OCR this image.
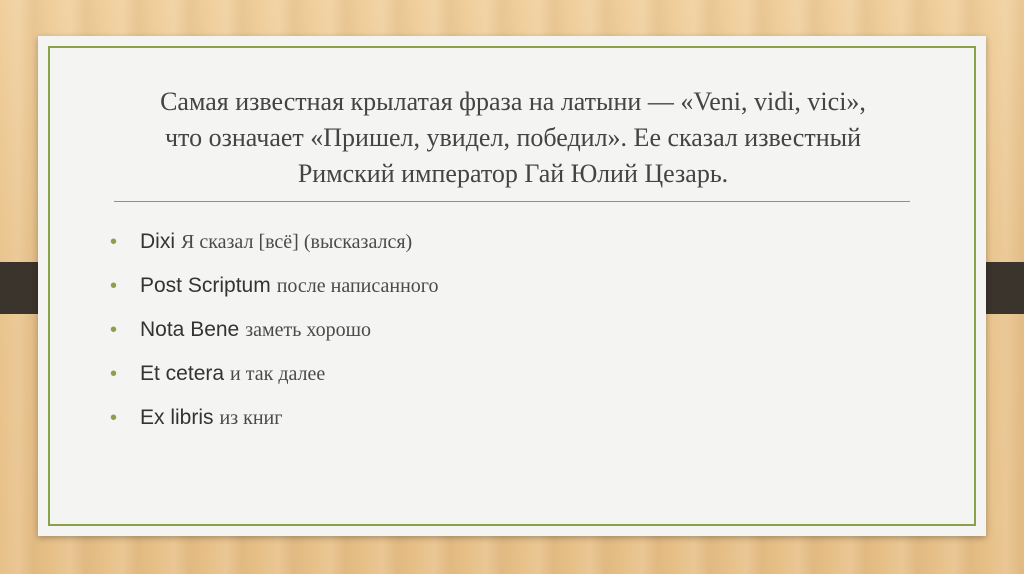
Самая известная крылатая фраза на латыни — «Veni, vidi, vici»,
что означает «Пришел, увидел, победил». Ее сказал известный
Римский император Гай Юлий Цезарь.
•	Dixi Я сказал [всё] (высказался)
•	Post Scriptum после написанного
•	Nota Bene заметь хорошо
•	Et cetera и так далее
•	Ex libris из книг
